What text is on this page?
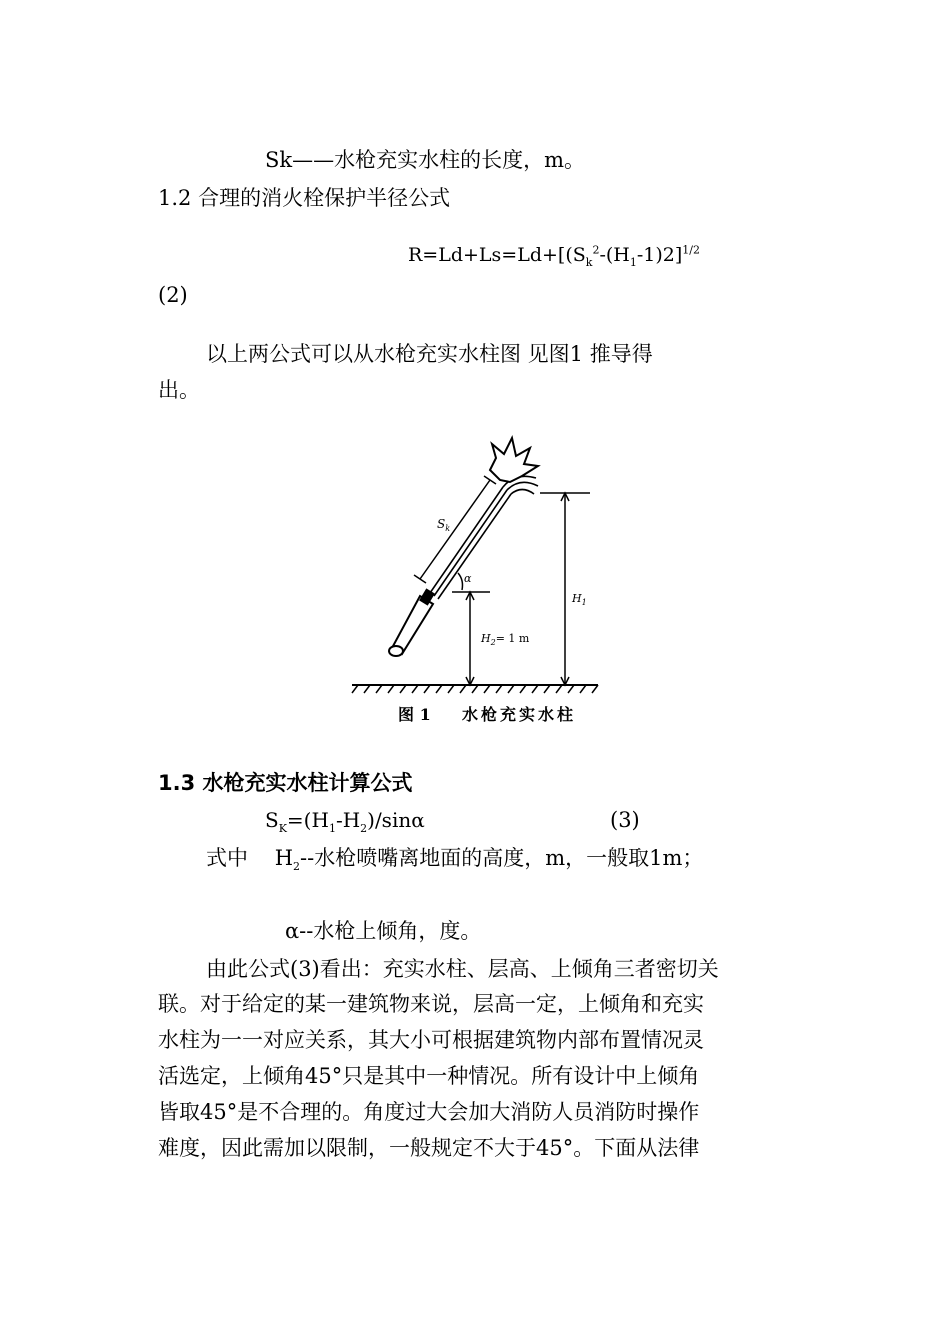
Sk——水枪充实水柱的长度，m。

1.2 合理的消火栓保护半径公式

$R=Ld+Ls=Ld+[(S_k^2-(H_1-1)2]^{1/2}$

(2)

以上两公式可以从水枪充实水柱图 见图1 推导得

出。

$S_k$
α
$H_2= 1$ m
$H_1$
图 1 水枪充实水柱

1.3 水枪充实水柱计算公式

$S_K=(H_1-H_2)$/sinα	(3)

式中 $H_2--$水枪喷嘴离地面的高度，m，一般取1m；

α--水枪上倾角，度。

由此公式(3)看出：充实水柱、层高、上倾角三者密切关

联。对于给定的某一建筑物来说，层高一定，上倾角和充实

水柱为一一对应关系，其大小可根据建筑物内部布置情况灵

活选定，上倾角45°只是其中一种情况。所有设计中上倾角

皆取45°是不合理的。角度过大会加大消防人员消防时操作

难度，因此需加以限制，一般规定不大于45°。下面从法律
